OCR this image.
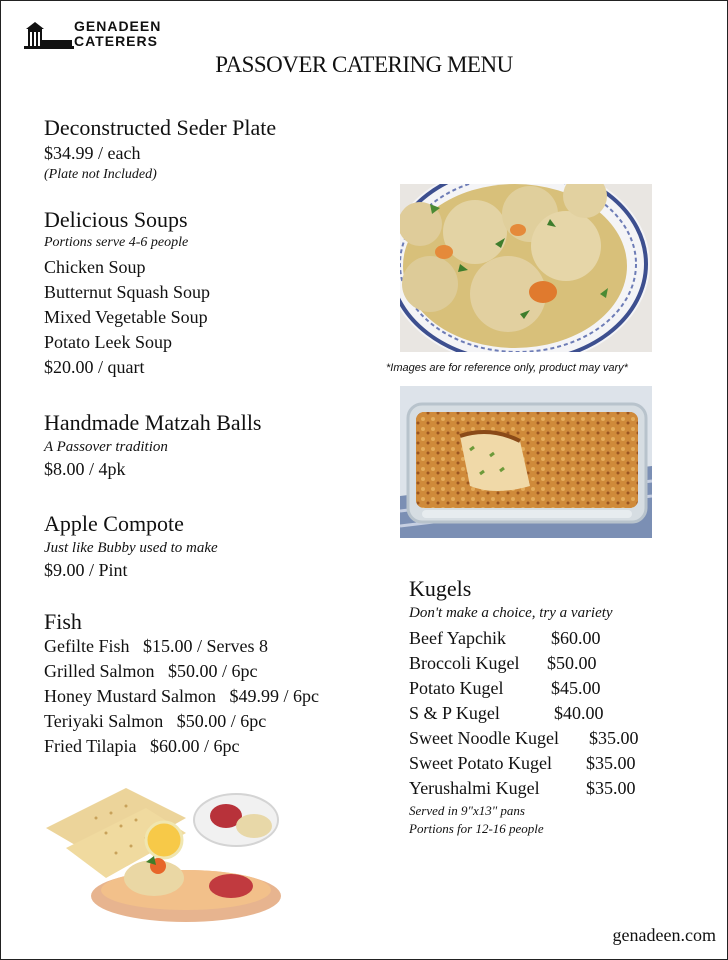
GENADEEN
CATERERS
PASSOVER CATERING MENU
Deconstructed Seder Plate
$34.99 / each
(Plate not Included)
Delicious Soups
Portions serve 4-6 people
Chicken Soup
Butternut Squash Soup
Mixed Vegetable Soup
Potato Leek Soup
$20.00 / quart
Handmade Matzah Balls
A Passover tradition
$8.00 / 4pk
Apple Compote
Just like Bubby used to make
$9.00 / Pint
Fish
Gefilte Fish $15.00 / Serves 8
Grilled Salmon $50.00 / 6pc
Honey Mustard Salmon $49.99 / 6pc
Teriyaki Salmon $50.00 / 6pc
Fried Tilapia $60.00 / 6pc
Kugels
Don't make a choice, try a variety
Beef Yapchik	$60.00
Broccoli Kugel $50.00
Potato Kugel	$45.00
S & P Kugel	$40.00
Sweet Noodle Kugel $35.00
Sweet Potato Kugel $35.00
Yerushalmi Kugel	$35.00
Served in 9"x13" pans
Portions for 12-16 people
*Images are for reference only, product may vary*
genadeen.com
